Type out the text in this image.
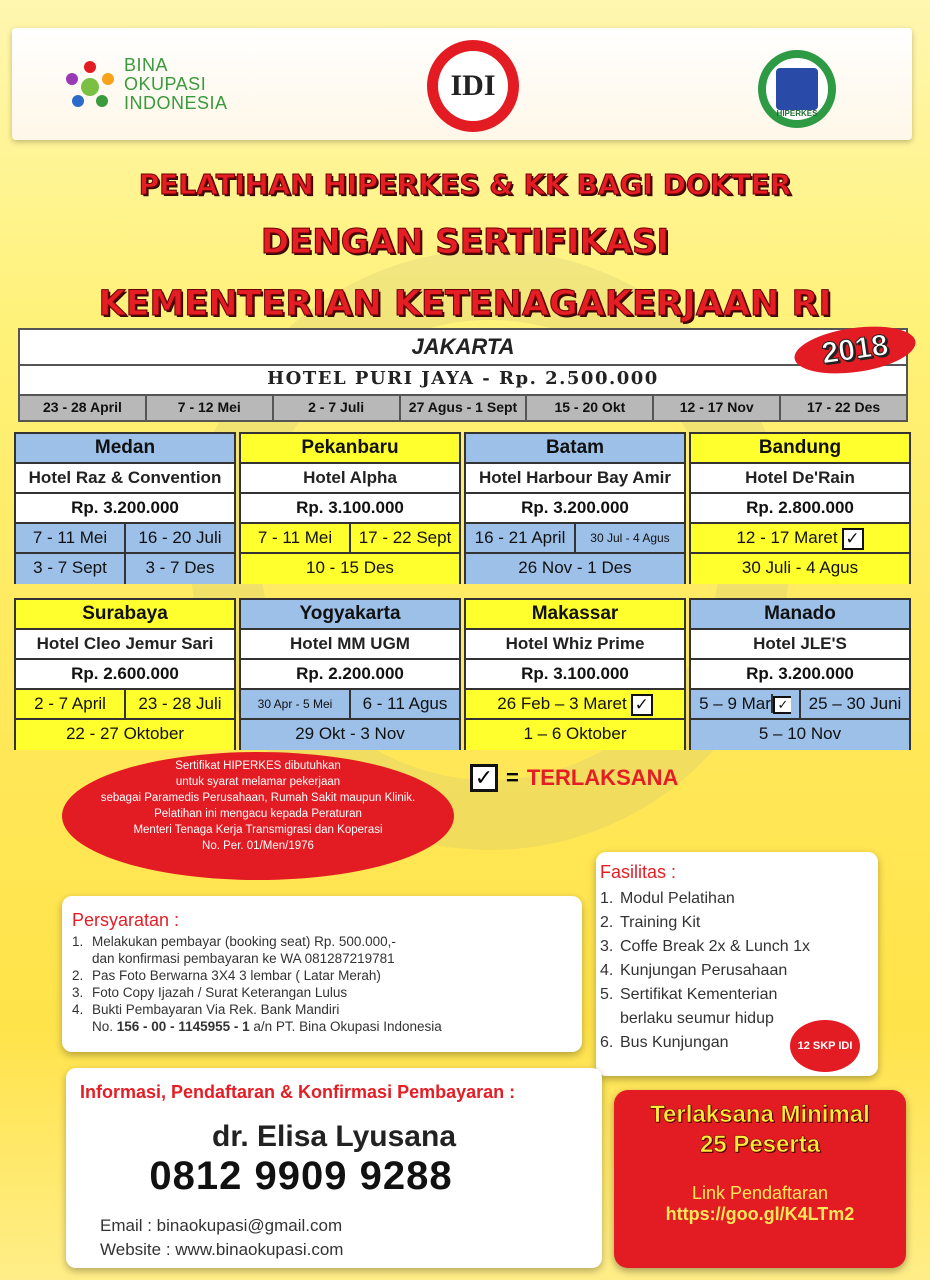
BINA
OKUPASI
INDONESIA
IDI
HIPERKES
PELATIHAN HIPERKES & KK BAGI DOKTER
DENGAN SERTIFIKASI
KEMENTERIAN KETENAGAKERJAAN RI
JAKARTA
HOTEL PURI JAYA - Rp. 2.500.000
23 - 28 April	7 - 12 Mei	2 - 7 Juli	27 Agus - 1 Sept	15 - 20 Okt	12 - 17 Nov	17 - 22 Des
2018
Medan
Hotel Raz & Convention
Rp. 3.200.000
7 - 11 Mei	16 - 20 Juli
3 - 7 Sept	3 - 7 Des
Pekanbaru
Hotel Alpha
Rp. 3.100.000
7 - 11 Mei	17 - 22 Sept
10 - 15 Des
Batam
Hotel Harbour Bay Amir
Rp. 3.200.000
16 - 21 April	30 Jul - 4 Agus
26 Nov - 1 Des
Bandung
Hotel De'Rain
Rp. 2.800.000
12 - 17 Maret ✓
30 Juli - 4 Agus
Surabaya
Hotel Cleo Jemur Sari
Rp. 2.600.000
2 - 7 April	23 - 28 Juli
22 - 27 Oktober
Yogyakarta
Hotel MM UGM
Rp. 2.200.000
30 Apr - 5 Mei	6 - 11 Agus
29 Okt - 3 Nov
Makassar
Hotel Whiz Prime
Rp. 3.100.000
26 Feb – 3 Maret ✓
1 – 6 Oktober
Manado
Hotel JLE'S
Rp. 3.200.000
5 – 9 Mar ✓	25 – 30 Juni
5 – 10 Nov
Sertifikat HIPERKES dibutuhkan
untuk syarat melamar pekerjaan
sebagai Paramedis Perusahaan, Rumah Sakit maupun Klinik.
Pelatihan ini mengacu kepada Peraturan
Menteri Tenaga Kerja Transmigrasi dan Koperasi
No. Per. 01/Men/1976
✓ = TERLAKSANA
Fasilitas :
1. Modul Pelatihan
2. Training Kit
3. Coffe Break 2x & Lunch 1x
4. Kunjungan Perusahaan
5. Sertifikat Kementerian
berlaku seumur hidup
6. Bus Kunjungan	12 SKP IDI
Persyaratan :
1. Melakukan pembayar (booking seat) Rp. 500.000,-
dan konfirmasi pembayaran ke WA 081287219781
2. Pas Foto Berwarna 3X4 3 lembar ( Latar Merah)
3. Foto Copy Ijazah / Surat Keterangan Lulus
4. Bukti Pembayaran Via Rek. Bank Mandiri
No. 156 - 00 - 1145955 - 1 a/n PT. Bina Okupasi Indonesia
Informasi, Pendaftaran & Konfirmasi Pembayaran :
dr. Elisa Lyusana
0812 9909 9288
Email : binaokupasi@gmail.com
Website : www.binaokupasi.com
Terlaksana Minimal
25 Peserta
Link Pendaftaran
https://goo.gl/K4LTm2
